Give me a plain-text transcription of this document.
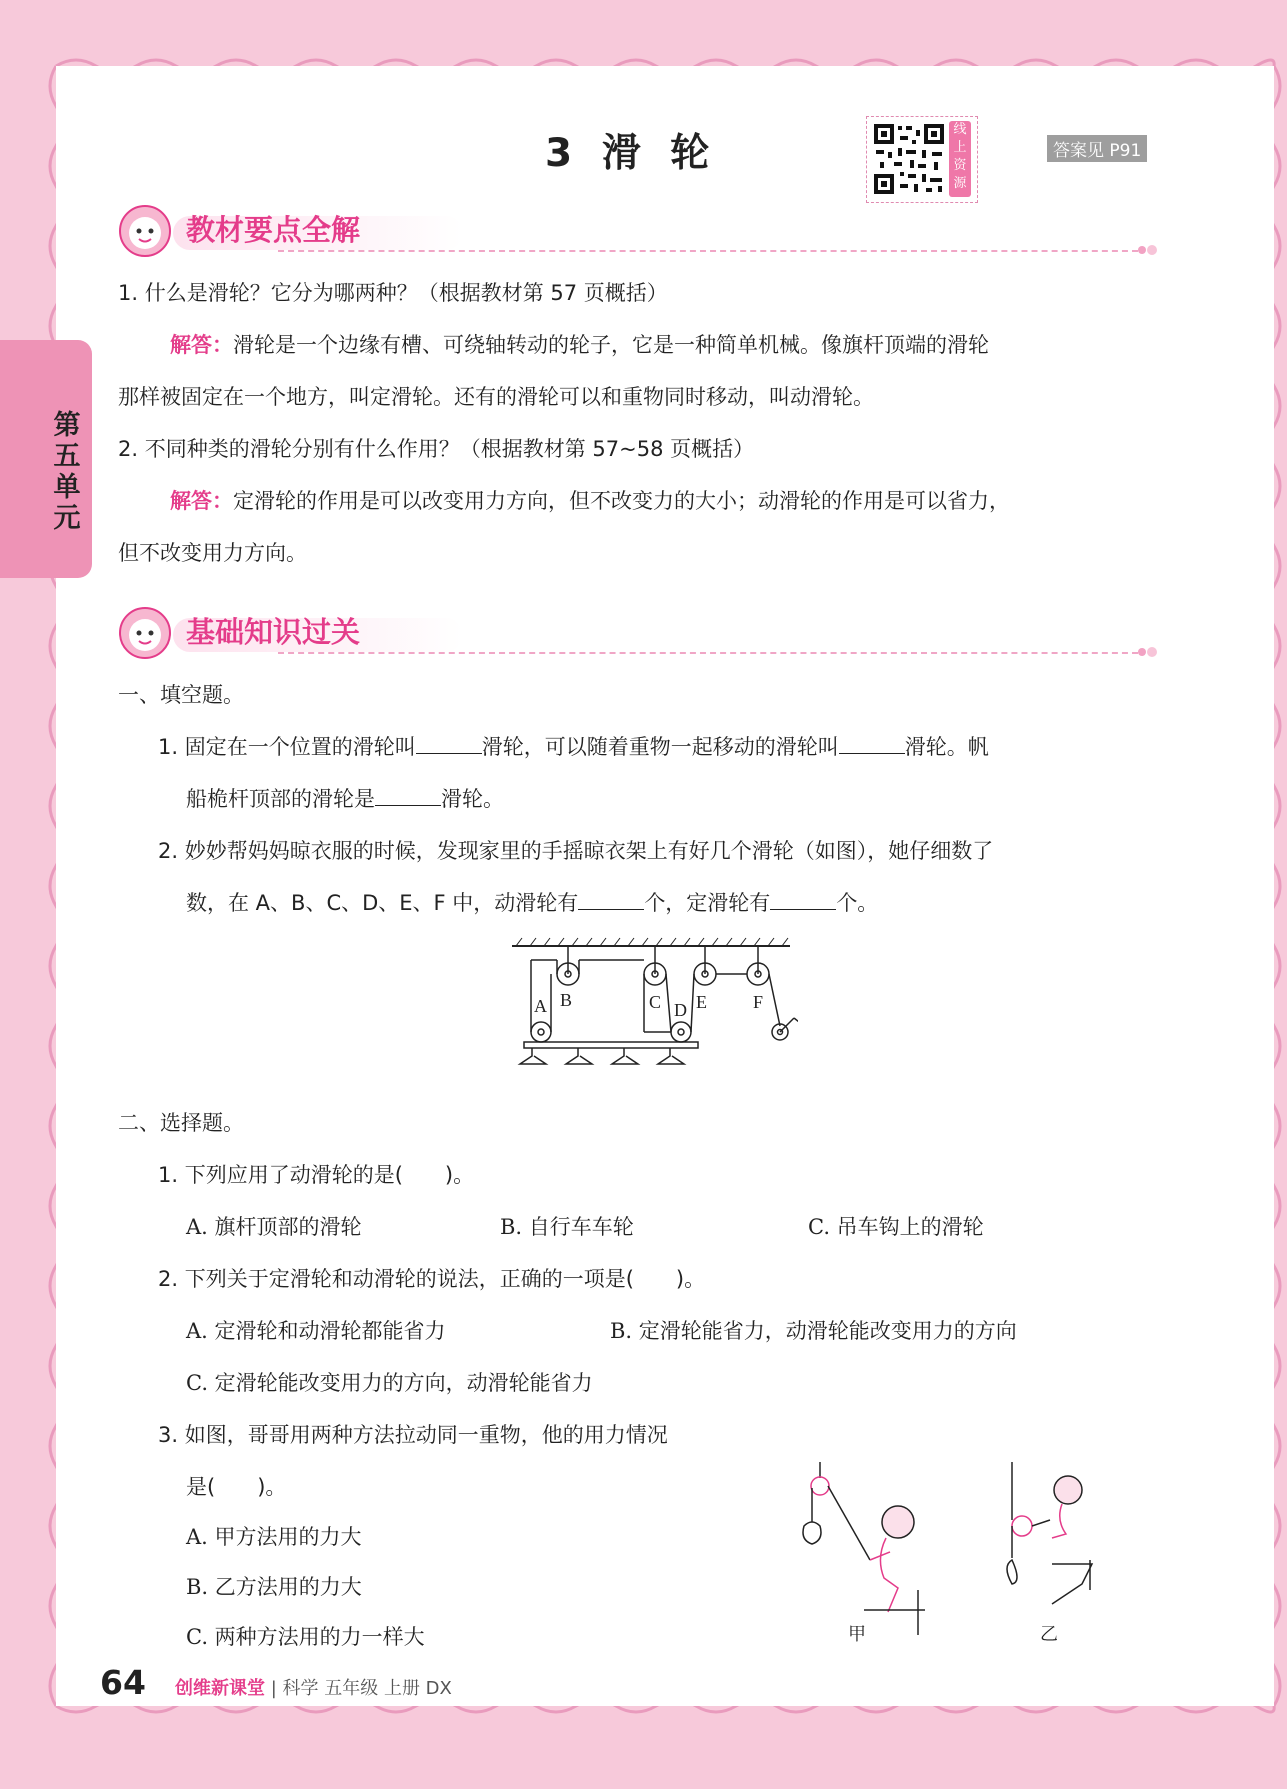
第五单元
3 滑 轮
线上资源
答案见 P91
教材要点全解
1. 什么是滑轮？它分为哪两种？（根据教材第 57 页概括）
解答：滑轮是一个边缘有槽、可绕轴转动的轮子，它是一种简单机械。像旗杆顶端的滑轮
那样被固定在一个地方，叫定滑轮。还有的滑轮可以和重物同时移动，叫动滑轮。
2. 不同种类的滑轮分别有什么作用？（根据教材第 57~58 页概括）
解答：定滑轮的作用是可以改变用力方向，但不改变力的大小；动滑轮的作用是可以省力，
但不改变用力方向。
基础知识过关
一、填空题。
1. 固定在一个位置的滑轮叫	滑轮，可以随着重物一起移动的滑轮叫	滑轮。帆
船桅杆顶部的滑轮是	滑轮。
2. 妙妙帮妈妈晾衣服的时候，发现家里的手摇晾衣架上有好几个滑轮（如图），她仔细数了
数，在 A、B、C、D、E、F 中，动滑轮有	个，定滑轮有	个。
A B	C D E	F
二、选择题。
1. 下列应用了动滑轮的是(　　)。
A. 旗杆顶部的滑轮	B. 自行车车轮	C. 吊车钩上的滑轮
2. 下列关于定滑轮和动滑轮的说法，正确的一项是(　　)。
A. 定滑轮和动滑轮都能省力	B. 定滑轮能省力，动滑轮能改变用力的方向
C. 定滑轮能改变用力的方向，动滑轮能省力
3. 如图，哥哥用两种方法拉动同一重物，他的用力情况
是(　　)。
A. 甲方法用的力大
B. 乙方法用的力大
C. 两种方法用的力一样大	甲	乙
64 创维新课堂 | 科学 五年级 上册 DX
